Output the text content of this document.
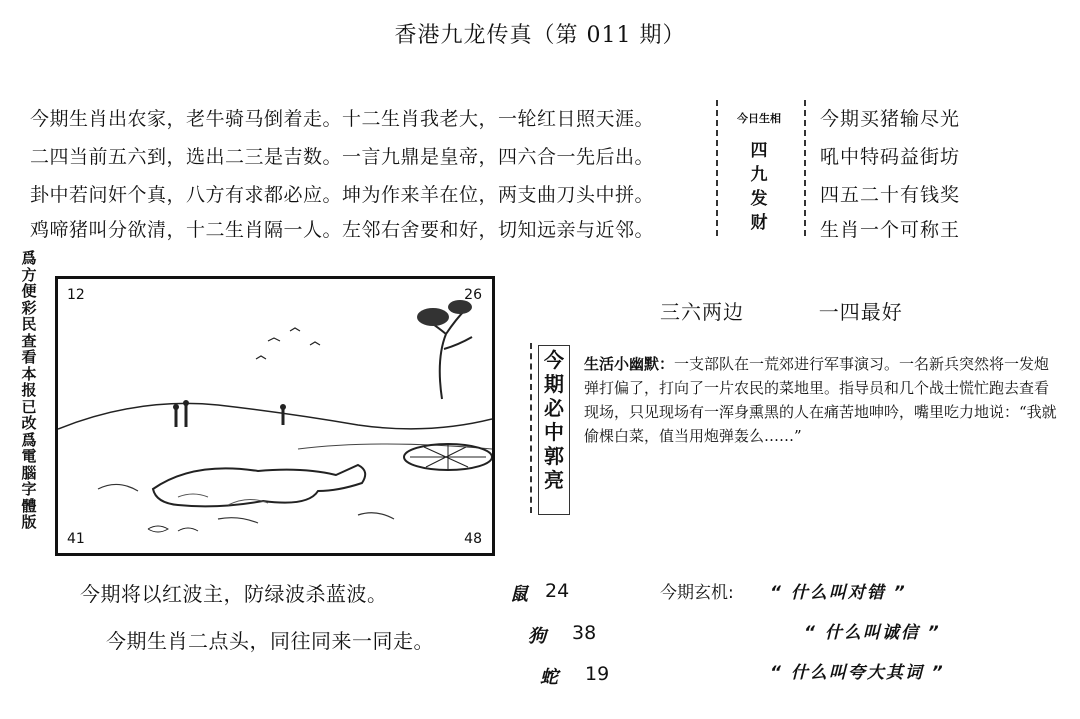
香港九龙传真（第 011 期）
今期生肖出农家，老牛骑马倒着走。十二生肖我老大，一轮红日照天涯。
二四当前五六到，选出二三是吉数。一言九鼎是皇帝，四六合一先后出。
卦中若问奸个真，八方有求都必应。坤为作来羊在位，两支曲刀头中拼。
鸡啼猪叫分欲清，十二生肖隔一人。左邻右舍要和好，切知远亲与近邻。
今日生相
四
九
发
财
今期买猪输尽光
吼中特码益街坊
四五二十有钱奖
生肖一个可称王
爲方便彩民查看本报已改爲電腦字體版
12	26
41	48
三六两边	一四最好
今期必中郭亮
生活小幽默：一支部队在一荒郊进行军事演习。一名新兵突然将一发炮弹打偏了，打向了一片农民的菜地里。指导员和几个战士慌忙跑去查看现场，只见现场有一浑身熏黑的人在痛苦地呻吟，嘴里吃力地说：“我就偷棵白菜，值当用炮弹轰么……”
今期将以红波主，防绿波杀蓝波。
今期生肖二点头，同往同来一同走。
鼠 24
狗 38
蛇 19
今期玄机: “ 什么叫对错 ”
“ 什么叫诚信 ”
“ 什么叫夸大其词 ”
